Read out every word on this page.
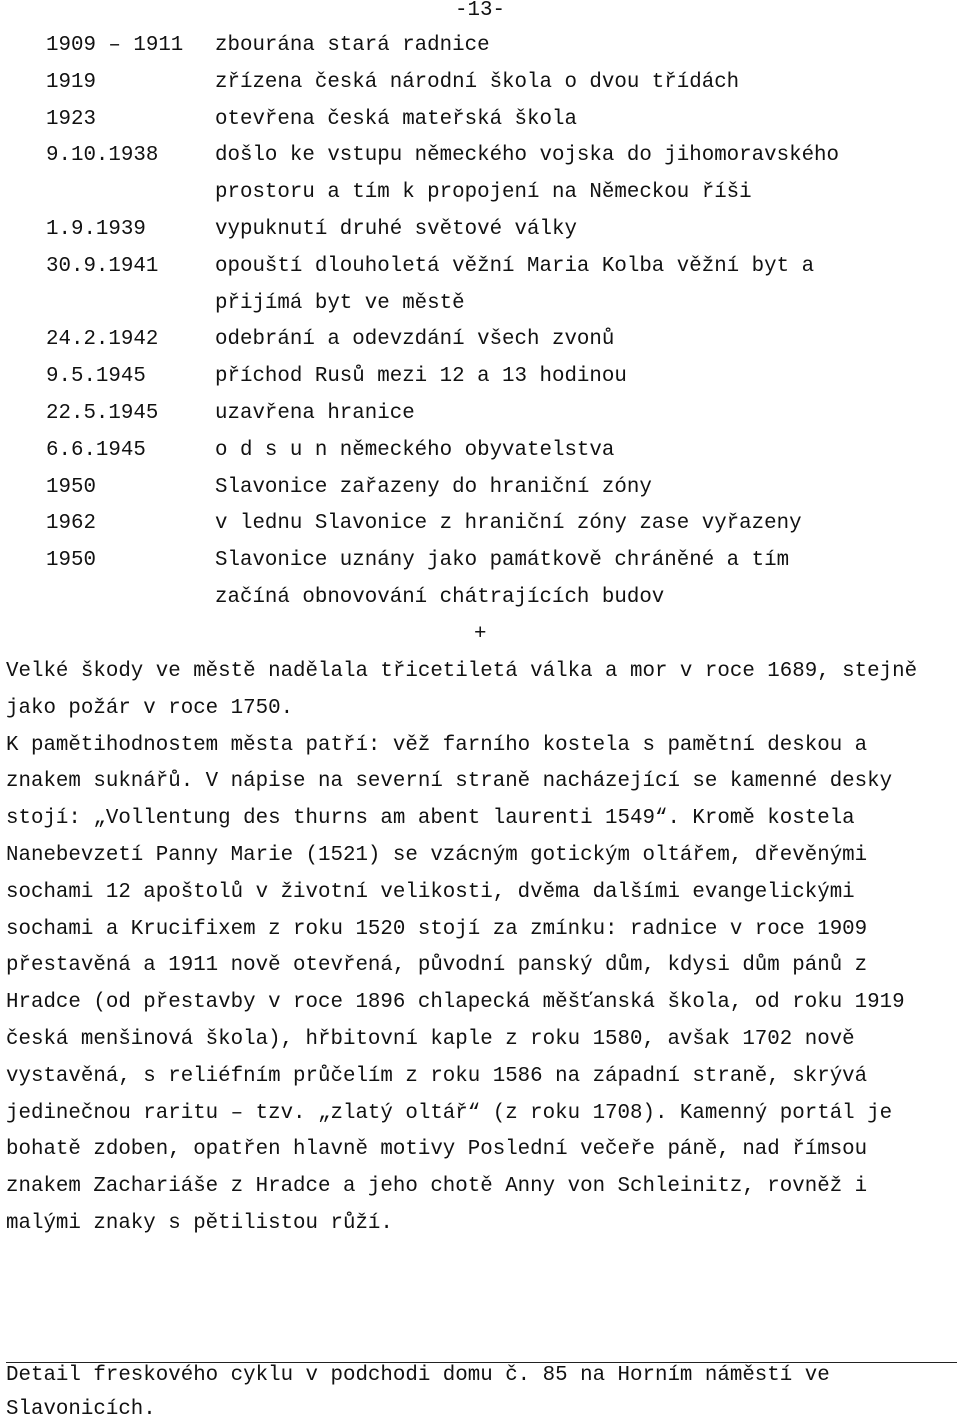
-13-
1909 – 1911	zbourána stará radnice
1919	zřízena česká národní škola o dvou třídách
1923	otevřena česká mateřská škola
9.10.1938	došlo ke vstupu německého vojska do jihomoravského
prostoru a tím k propojení na Německou říši
1.9.1939	vypuknutí druhé světové války
30.9.1941	opouští dlouholetá věžní Maria Kolba věžní byt a
přijímá byt ve městě
24.2.1942	odebrání a odevzdání všech zvonů
9.5.1945	příchod Rusů mezi 12 a 13 hodinou
22.5.1945	uzavřena hranice
6.6.1945	o d s u n německého obyvatelstva
1950	Slavonice zařazeny do hraniční zóny
1962	v lednu Slavonice z hraniční zóny zase vyřazeny
1950	Slavonice uznány jako památkově chráněné a tím
začíná obnovování chátrajících budov
+
Velké škody ve městě nadělala třicetiletá válka a mor v roce 1689, stejně
jako požár v roce 1750.
K pamětihodnostem města patří: věž farního kostela s pamětní deskou a
znakem suknářů. V nápise na severní straně nacházející se kamenné desky
stojí: „Vollentung des thurns am abent laurenti 1549“. Kromě kostela
Nanebevzetí Panny Marie (1521) se vzácným gotickým oltářem, dřevěnými
sochami 12 apoštolů v životní velikosti, dvěma dalšími evangelickými
sochami a Krucifixem z roku 1520 stojí za zmínku: radnice v roce 1909
přestavěná a 1911 nově otevřená, původní panský dům, kdysi dům pánů z
Hradce (od přestavby v roce 1896 chlapecká měšťanská škola, od roku 1919
česká menšinová škola), hřbitovní kaple z roku 1580, avšak 1702 nově
vystavěná, s reliéfním průčelím z roku 1586 na západní straně, skrývá
jedinečnou raritu – tzv. „zlatý oltář“ (z roku 1708). Kamenný portál je
bohatě zdoben, opatřen hlavně motivy Poslední večeře páně, nad římsou
znakem Zachariáše z Hradce a jeho chotě Anny von Schleinitz, rovněž i
malými znaky s pětilistou růží.
Detail freskového cyklu v podchodi domu č. 85 na Horním náměstí ve
Slavonicích.
